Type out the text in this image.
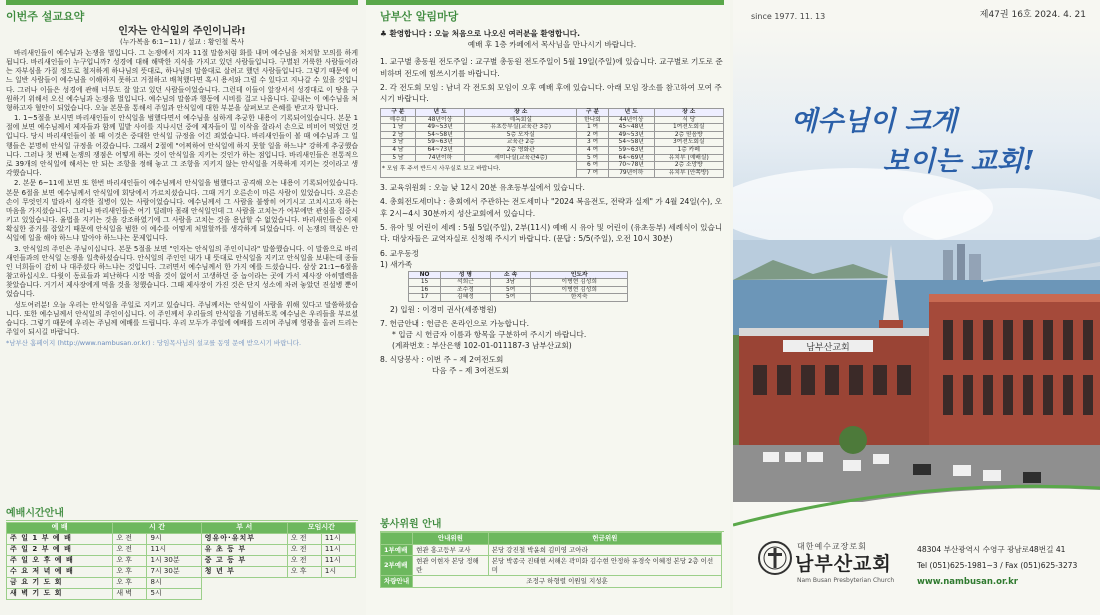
이번주 설교요약
인자는 안식일의 주인이니라!
(누가복음 6:1~11) / 설교 : 황인철 목사
바리새인들이 예수님과 논쟁을 벌입니다. 그 논쟁에서 지자 11절 말씀처럼 화를 내며 예수님을 처치할 모의를 하게 됩니다. 바리새인들이 누구입니까? 성경에 대해 해박한 지식을 가지고 있던 사람들입니다. 구별된 거룩한 사람들이라는 자부심을 가질 정도로 철저하게 하나님의 뜻대로, 하나님의 말씀대로 살려고 했던 사람들입니다. 그렇기 때문에 어느 일반 사람들이 예수님을 이해하지 못하고 거절하고 배척했다면 혹시 용서와 그럴 수 있다고 지나갈 수 있을 것입니다. 그러나 이들은 성경에 관해 너무도 잘 알고 있던 사람들이었습니다. 그런데 이들이 앞장서서 성경대로 이 땅을 구원하기 위해서 오신 예수님과 논쟁을 벌입니다. 예수님의 말씀과 행동에 시비를 걸고 나옵니다. 끝내는 이 예수님을 처형하고자 혈안이 되었습니다. 오늘 본문을 통해서 주일과 안식일에 대한 부분을 살펴보고 은혜를 받고자 합니다.
1. 1~5절을 보시면 바리새인들이 안식일을 범했다면서 예수님을 심하게 추궁한 내용이 기록되어있습니다. 본문 1절에 보면 예수님께서 제자들과 함께 밀밭 사이를 지나시던 중에 제자들이 밀 이삭을 잘라서 손으로 비비어 먹었던 것입니다. 당시 바리새인들이 볼 때 이것은 중대한 안식일 규정을 어긴 죄였습니다. 바리새인들이 볼 때 예수님과 그 일행들은 분명히 안식일 규정을 어겼습니다. 그래서 2절에 "어찌하여 안식일에 하지 못할 일을 하느냐" 강하게 추궁했습니다. 그러나 첫 번째 논쟁의 쟁점은 어떻게 하는 것이 안식일을 지키는 것인가 하는 점입니다. 바리새인들은 전통적으로 39개의 안식일에 해서는 안 되는 조항을 정해 놓고 그 조항을 지키지 않는 안식일을 거룩하게 지키는 것이라고 생각했습니다.
2. 본문 6~11에 보면 또 한번 바리새인들이 예수님께서 안식일을 범했다고 공격해 오는 내용이 기록되어있습니다. 본문 6절을 보면 예수님께서 안식일에 회당에서 가르치셨습니다. 그때 거기 오른손이 마른 사람이 있었습니다. 오른손 손이 무엇인지 말라서 심각한 질병이 있는 사람이었습니다. 예수님께서 그 사람을 불쌍히 여기시고 고치시고자 하는 마음을 가지셨습니다. 그러나 바리새인들은 여기 딜레마 몰래 안식일인데 그 사람을 고치는가 여부에만 관심을 집중시키고 있었습니다. 율법을 지키는 것을 강조하였기에 그 사람을 고치는 것을 용납할 수 없었습니다. 바리새인들은 이제 확실한 증거를 잡았기 때문에 안식일을 범한 이 예수를 어떻게 처벌할까를 생각하게 되었습니다. 이 논쟁의 핵심은 안식일에 일을 해야 하느냐 말아야 하느냐는 문제입니다.
3. 안식일의 주인은 주님이십니다. 본문 5절을 보면 "인자는 안식일의 주인이니라" 말씀했습니다. 이 말씀으로 바리새인들과의 안식일 논쟁을 일축하셨습니다. 안식일의 주인인 내가 내 뜻대로 안식일을 지키고 안식일을 보내는데 종들인 너희들이 감히 나 대주셨다 하느냐는 것입니다. 그러면서 예수님께서 한 가지 예를 드셨습니다. 삼상 21:1~6절을 참고하십시오. 다윗이 동료들과 피난하다 시장 먹을 것이 없어서 고생하던 중 놉이라는 곳에 가서 제사장 아히멜렉을 찾았습니다. 거기서 제사장에게 먹을 것을 청했습니다. 그때 제사장이 가진 것은 단지 성소에 차려 놓았던 진설병 뿐이었습니다.
성도여러분! 오늘 우리는 안식일을 주일로 지키고 있습니다. 주님께서는 안식일이 사람을 위해 있다고 말씀하셨습니다. 또한 예수님께서 안식일의 주인이십니다. 이 주인께서 우리들의 안식일을 기념하도록 예수님은 우리들을 부르셨습니다. 그렇기 때문에 우리는 주님께 예배를 드립니다. 우리 모두가 주일에 예배를 드리며 주님께 영광을 올려 드리는 주일이 되시길 바랍니다.
*남부산 홈페이지 (http://www.nambusan.or.kr) : 당임목사님의 설교를 동영 문에 받으시기 바랍니다.
예배시간안내
예 배	시 간		부 서	모임시간	
주 일 1 부 예 배	오 전	9시	영유아·유치부	오 전	11시
주 일 2 부 예 배	오 전	11시	유 초 등 부	오 전	11시
주 일 오 후 예 배	오 후	1시 30분	중 고 등 부	오 전	11시
수 요 저 녁 예 배	오 후	7시 30분	청 년 부	오 후	1시
금 요 기 도 회	오 후	8시			
새 벽 기 도 회	새 벽	5시			
남부산 알림마당
♣ 환영합니다 : 오늘 처음으로 나오신 여러분을 환영합니다.
예배 후 1층 카페에서 목사님을 만나시기 바랍니다.
1. 교구별 총동원 전도주일 : 교구별 총동원 전도주일이 5월 19일(주일)에 있습니다. 교구별로 기도로 준비하며 전도에 힘쓰시기를 바랍니다.
2. 각 전도회 모임 : 남녀 각 전도회 모임이 오후 예배 후에 있습니다. 아래 모임 장소를 참고하여 모여 주시기 바랍니다.
구 분	년 도	장 소	구 분	년 도	장 소
예수회	48년이상	예독회실	한나회	44년이상	식 당
1 남	49~53년	유초등부실(교육관 3층)	1 여	45~48년	1여전도회실
2 남	54~58년	5층 모자실	2 여	49~53년	2층 믿음방
3 남	59~63년	교육관 2층	3 여	54~58년	3여전도회실
4 남	64~73년	2층 영화관	4 여	59~63년	1층 카페
5 남	74년이하	세미나실(교육관4층)	5 여	64~69년	유치부 (예배실)
* 모임 후 주셔 반드시 사무실로 보고 바랍니다.			6 여	70~78년	2층 소망방
			7 여	79년이하	유치부 (안쪽방)
3. 교육위원회 : 오늘 낮 12시 20분 유초등부실에서 있습니다.
4. 총회전도세미나 : 총회에서 주관하는 전도세미나 "2024 복음전도, 전략과 실제" 가 4월 24일(수), 오후 2시~4시 30분까지 성산교회에서 있습니다.
5. 유아 및 어린이 세례 : 5월 5일(주일), 2부(11시) 예배 시 유아 및 어린이 (유초등부) 세례식이 있습니다. 대상자들은 교역자실로 신청해 주시기 바랍니다. (문답 : 5/5(주일), 오전 10시 30분)
6. 교우동정
1) 새가족
NO	성 명	소 속	인도자
15	석희근	3남	이병현 김성희
16	조수정	5여	이병현 김성희
17	김혜정	5여	한지숙
2) 입원 : 이경미 권사(세종병원)
7. 헌금안내 : 헌금은 온라인으로 가능합니다.
* 입금 시 헌금자 이름과 항목을 구분하여 주시기 바랍니다.
(계좌번호 : 부산은행 102-01-011187-3 남부산교회)
8. 식당봉사 : 이번 주 – 제 2여전도회
다음 주 – 제 3여전도회
봉사위원 안내
	안내위원	헌금위원
1부예배	현관 홍고등부 교사	본당 강진철 박윤희 김미영 고아라
2부예배	현관 이현자 본당 정해란	본당 박종국 진태현 서해은 곽미화 김수현 안정하 유경숙 이혜정 본당 2층 이선미
차량안내	조정구 하형렬 이원일 지성훈	
since 1977. 11. 13	제47권 16호 2024. 4. 21
예수님이 크게
보이는 교회!
남부산교회
대한예수교장로회
남부산교회
Nam Busan Presbyterian Church
48304 부산광역시 수영구 광남로48번길 41
Tel (051)625-1981~3 / Fax (051)625-3273
www.nambusan.or.kr
